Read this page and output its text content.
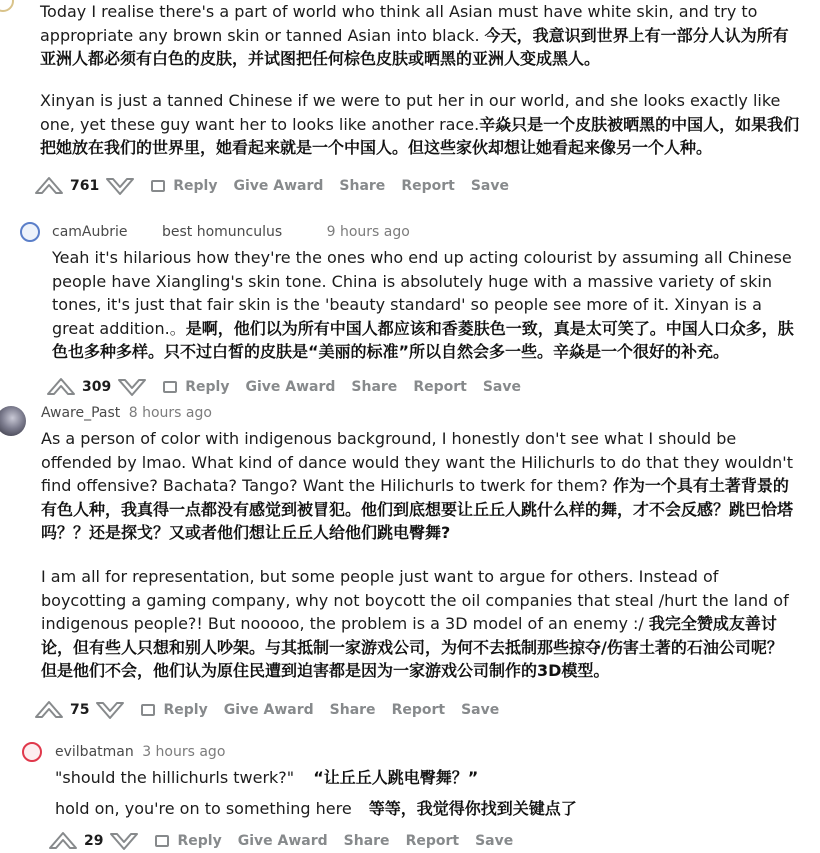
Today I realise there's a part of world who think all Asian must have white skin, and try to appropriate any brown skin or tanned Asian into black. 今天，我意识到世界上有一部分人认为所有亚洲人都必须有白色的皮肤，并试图把任何棕色皮肤或晒黑的亚洲人变成黑人。
Xinyan is just a tanned Chinese if we were to put her in our world, and she looks exactly like one, yet these guy want her to looks like another race.辛焱只是一个皮肤被晒黑的中国人，如果我们把她放在我们的世界里，她看起来就是一个中国人。但这些家伙却想让她看起来像另一个人种。
761	Reply Give Award Share Report Save
camAubrie best homunculus	9 hours ago
Yeah it's hilarious how they're the ones who end up acting colourist by assuming all Chinese people have Xiangling's skin tone. China is absolutely huge with a massive variety of skin tones, it's just that fair skin is the 'beauty standard' so people see more of it. Xinyan is a great addition.。是啊，他们以为所有中国人都应该和香菱肤色一致，真是太可笑了。中国人口众多，肤色也多种多样。只不过白皙的皮肤是“美丽的标准”所以自然会多一些。辛焱是一个很好的补充。
309	Reply Give Award Share Report Save
Aware_Past 8 hours ago
As a person of color with indigenous background, I honestly don't see what I should be offended by lmao. What kind of dance would they want the Hilichurls to do that they wouldn't find offensive? Bachata? Tango? Want the Hilichurls to twerk for them? 作为一个具有土著背景的有色人种，我真得一点都没有感觉到被冒犯。他们到底想要让丘丘人跳什么样的舞，才不会反感？跳巴恰塔吗？？还是探戈？又或者他们想让丘丘人给他们跳电臀舞?
I am all for representation, but some people just want to argue for others. Instead of boycotting a gaming company, why not boycott the oil companies that steal /hurt the land of indigenous people?! But nooooo, the problem is a 3D model of an enemy :/ 我完全赞成友善讨论，但有些人只想和别人吵架。与其抵制一家游戏公司，为何不去抵制那些掠夺/伤害土著的石油公司呢？但是他们不会，他们认为原住民遭到迫害都是因为一家游戏公司制作的3D模型。
75	Reply Give Award Share Report Save
evilbatman 3 hours ago
"should the hillichurls twerk?" “让丘丘人跳电臀舞？”
hold on, you're on to something here 等等，我觉得你找到关键点了
29	Reply Give Award Share Report Save
